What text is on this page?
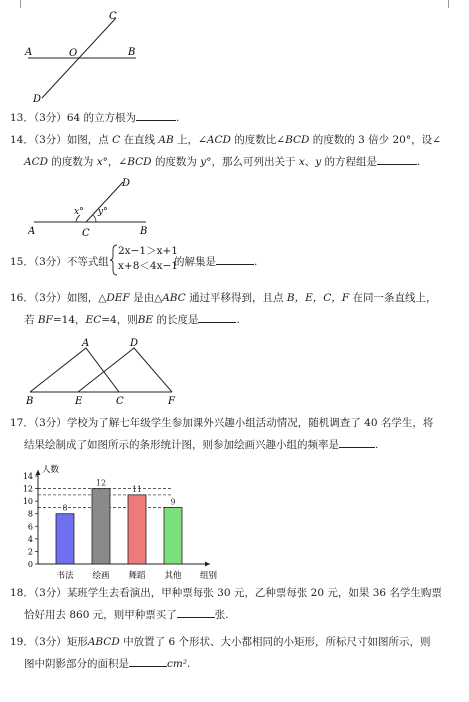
C
A	O	B
D
13．（3分）64 的立方根为	.
14．（3分）如图，点 C 在直线 AB 上，∠ACD 的度数比∠BCD 的度数的 3 倍少 20°，设∠
ACD 的度数为 x°，∠BCD 的度数为 y°，那么可列出关于 x、y 的方程组是	.
A	C	B
D
x° y°
15．（3分）不等式组
2x−1＞x+1
x+8＜4x−1
的解集是	.
16．（3分）如图，△DEF 是由△ABC 通过平移得到，且点 B，E，C，F 在同一条直线上，
若 BF=14，EC=4，则BE 的长度是	.
A	D
B	E	C	F
17．（3分）学校为了解七年级学生参加课外兴趣小组活动情况，随机调查了 40 名学生，将
结果绘制成了如图所示的条形统计图，则参加绘画兴趣小组的频率是	.
0
2
4
6
8
10
12
14
人数
组别
8
书法
12
绘画
11
舞蹈
9
其他
18．（3分）某班学生去看演出，甲种票每张 30 元，乙种票每张 20 元，如果 36 名学生购票
恰好用去 860 元，则甲种票买了	张.
19．（3分）矩形ABCD 中放置了 6 个形状、大小都相同的小矩形，所标尺寸如图所示，则
图中阴影部分的面积是	cm².
